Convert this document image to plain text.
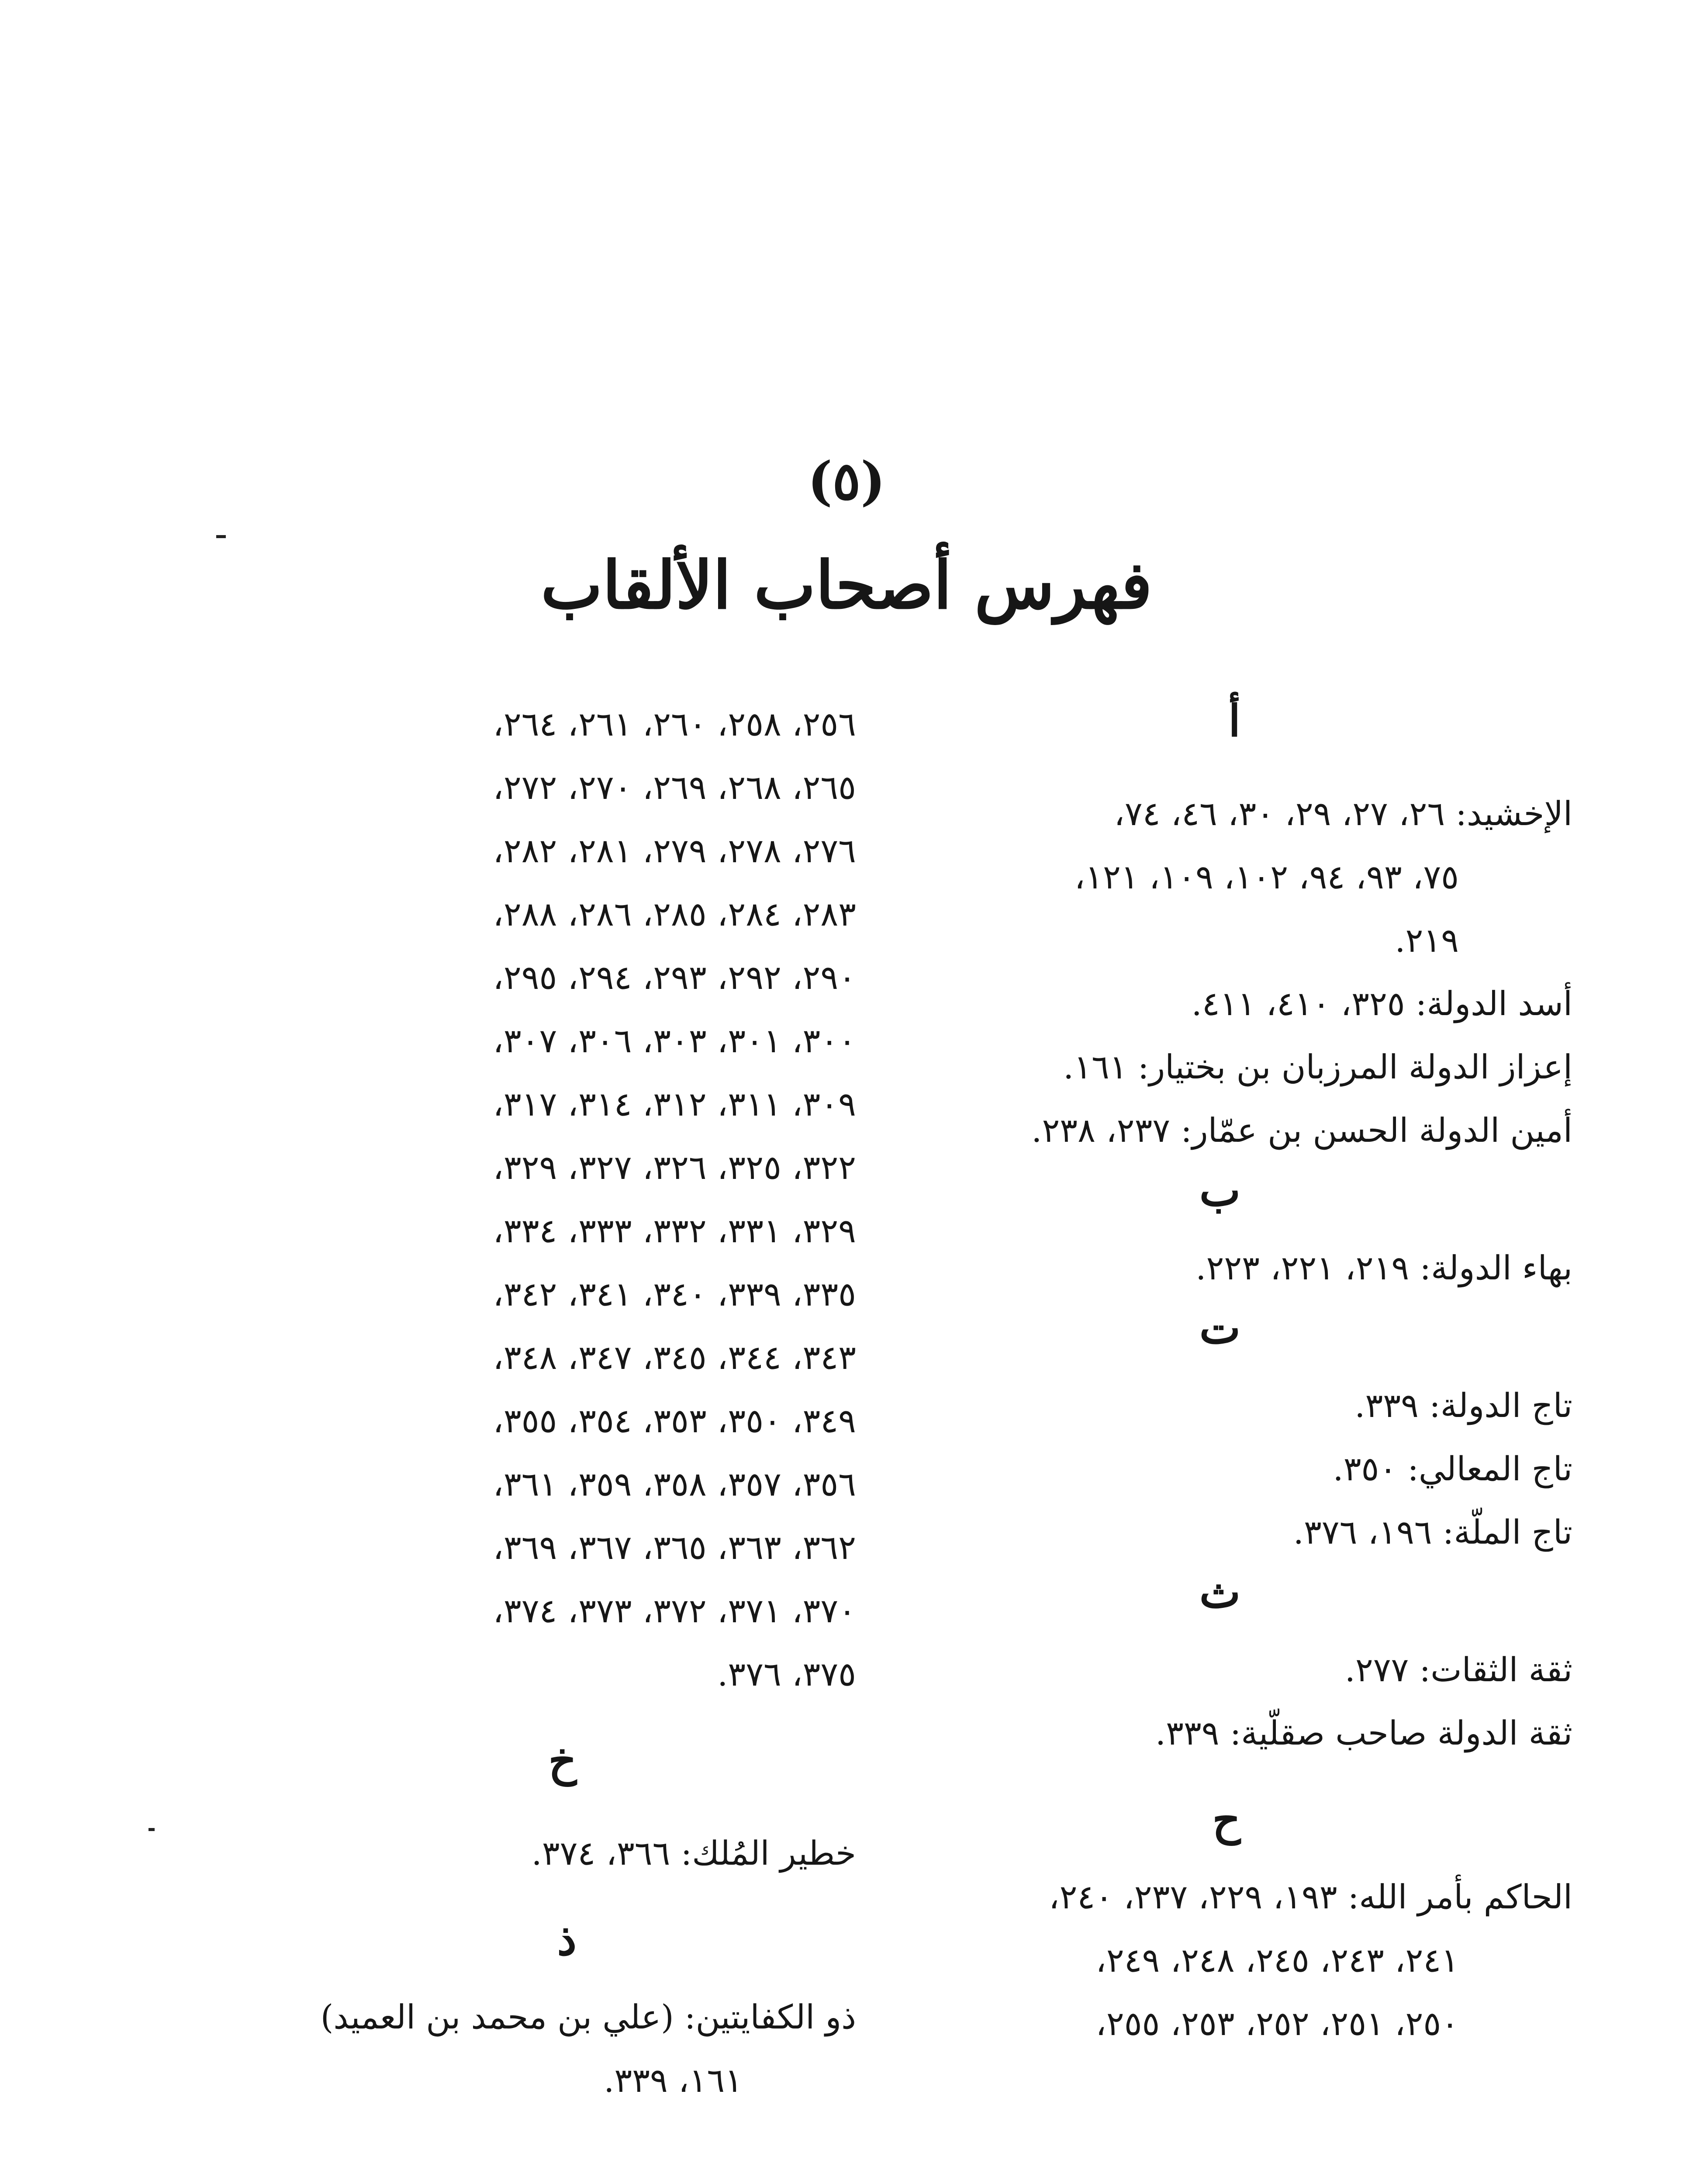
(٥)
فهرس أصحاب الألقاب
أ
الإخشيد: ٢٦، ٢٧، ٢٩، ٣٠، ٤٦، ٧٤،
٧٥، ٩٣، ٩٤، ١٠٢، ١٠٩، ١٢١،
٢١٩.
أسد الدولة: ٣٢٥، ٤١٠، ٤١١.
إعزاز الدولة المرزبان بن بختيار: ١٦١.
أمين الدولة الحسن بن عمّار: ٢٣٧، ٢٣٨.
ب
بهاء الدولة: ٢١٩، ٢٢١، ٢٢٣.
ت
تاج الدولة: ٣٣٩.
تاج المعالي: ٣٥٠.
تاج الملّة: ١٩٦، ٣٧٦.
ث
ثقة الثقات: ٢٧٧.
ثقة الدولة صاحب صقلّية: ٣٣٩.
ح
الحاكم بأمر الله: ١٩٣، ٢٢٩، ٢٣٧، ٢٤٠،
٢٤١، ٢٤٣، ٢٤٥، ٢٤٨، ٢٤٩،
٢٥٠، ٢٥١، ٢٥٢، ٢٥٣، ٢٥٥،
٢٥٦، ٢٥٨، ٢٦٠، ٢٦١، ٢٦٤،
٢٦٥، ٢٦٨، ٢٦٩، ٢٧٠، ٢٧٢،
٢٧٦، ٢٧٨، ٢٧٩، ٢٨١، ٢٨٢،
٢٨٣، ٢٨٤، ٢٨٥، ٢٨٦، ٢٨٨،
٢٩٠، ٢٩٢، ٢٩٣، ٢٩٤، ٢٩٥،
٣٠٠، ٣٠١، ٣٠٣، ٣٠٦، ٣٠٧،
٣٠٩، ٣١١، ٣١٢، ٣١٤، ٣١٧،
٣٢٢، ٣٢٥، ٣٢٦، ٣٢٧، ٣٢٩،
٣٢٩، ٣٣١، ٣٣٢، ٣٣٣، ٣٣٤،
٣٣٥، ٣٣٩، ٣٤٠، ٣٤١، ٣٤٢،
٣٤٣، ٣٤٤، ٣٤٥، ٣٤٧، ٣٤٨،
٣٤٩، ٣٥٠، ٣٥٣، ٣٥٤، ٣٥٥،
٣٥٦، ٣٥٧، ٣٥٨، ٣٥٩، ٣٦١،
٣٦٢، ٣٦٣، ٣٦٥، ٣٦٧، ٣٦٩،
٣٧٠، ٣٧١، ٣٧٢، ٣٧٣، ٣٧٤،
٣٧٥، ٣٧٦.
خ
خطير المُلك: ٣٦٦، ٣٧٤.
ذ
ذو الكفايتين: (علي بن محمد بن العميد)
١٦١، ٣٣٩.
